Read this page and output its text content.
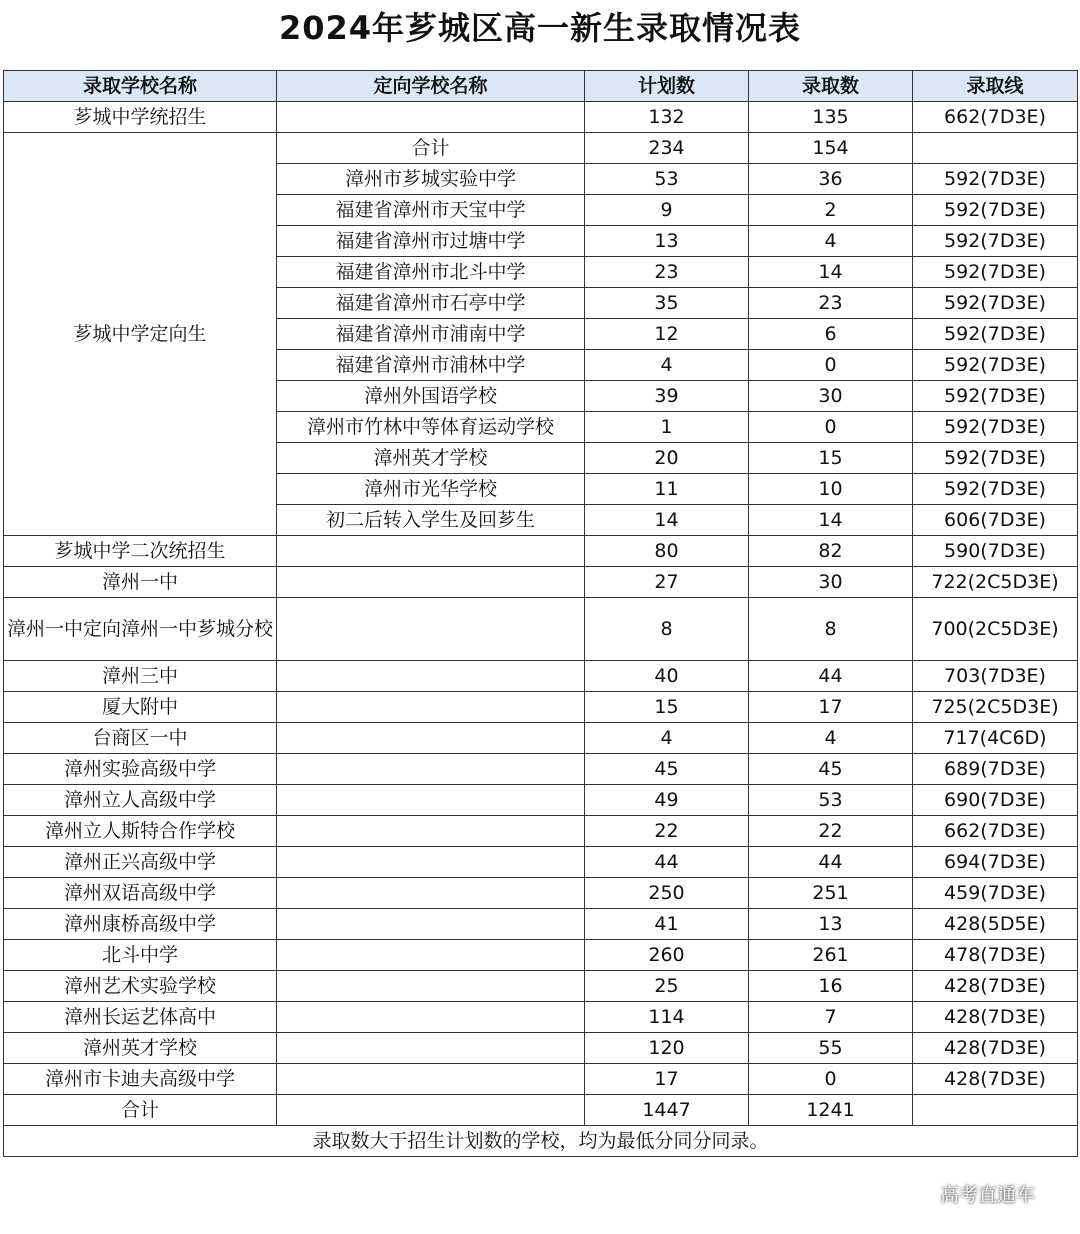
2024年芗城区高一新生录取情况表
录取学校名称	定向学校名称	计划数	录取数	录取线
芗城中学统招生		132	135	662(7D3E)
芗城中学定向生	合计	234	154	
	漳州市芗城实验中学	53	36	592(7D3E)
	福建省漳州市天宝中学	9	2	592(7D3E)
	福建省漳州市过塘中学	13	4	592(7D3E)
	福建省漳州市北斗中学	23	14	592(7D3E)
	福建省漳州市石亭中学	35	23	592(7D3E)
	福建省漳州市浦南中学	12	6	592(7D3E)
	福建省漳州市浦林中学	4	0	592(7D3E)
	漳州外国语学校	39	30	592(7D3E)
	漳州市竹林中等体育运动学校	1	0	592(7D3E)
	漳州英才学校	20	15	592(7D3E)
	漳州市光华学校	11	10	592(7D3E)
	初二后转入学生及回芗生	14	14	606(7D3E)
芗城中学二次统招生		80	82	590(7D3E)
漳州一中		27	30	722(2C5D3E)
漳州一中定向漳州一中芗城分校		8	8	700(2C5D3E)
漳州三中		40	44	703(7D3E)
厦大附中		15	17	725(2C5D3E)
台商区一中		4	4	717(4C6D)
漳州实验高级中学		45	45	689(7D3E)
漳州立人高级中学		49	53	690(7D3E)
漳州立人斯特合作学校		22	22	662(7D3E)
漳州正兴高级中学		44	44	694(7D3E)
漳州双语高级中学		250	251	459(7D3E)
漳州康桥高级中学		41	13	428(5D5E)
北斗中学		260	261	478(7D3E)
漳州艺术实验学校		25	16	428(7D3E)
漳州长运艺体高中		114	7	428(7D3E)
漳州英才学校		120	55	428(7D3E)
漳州市卡迪夫高级中学		17	0	428(7D3E)
合计		1447	1241	
录取数大于招生计划数的学校，均为最低分同分同录。				
高考直通车
